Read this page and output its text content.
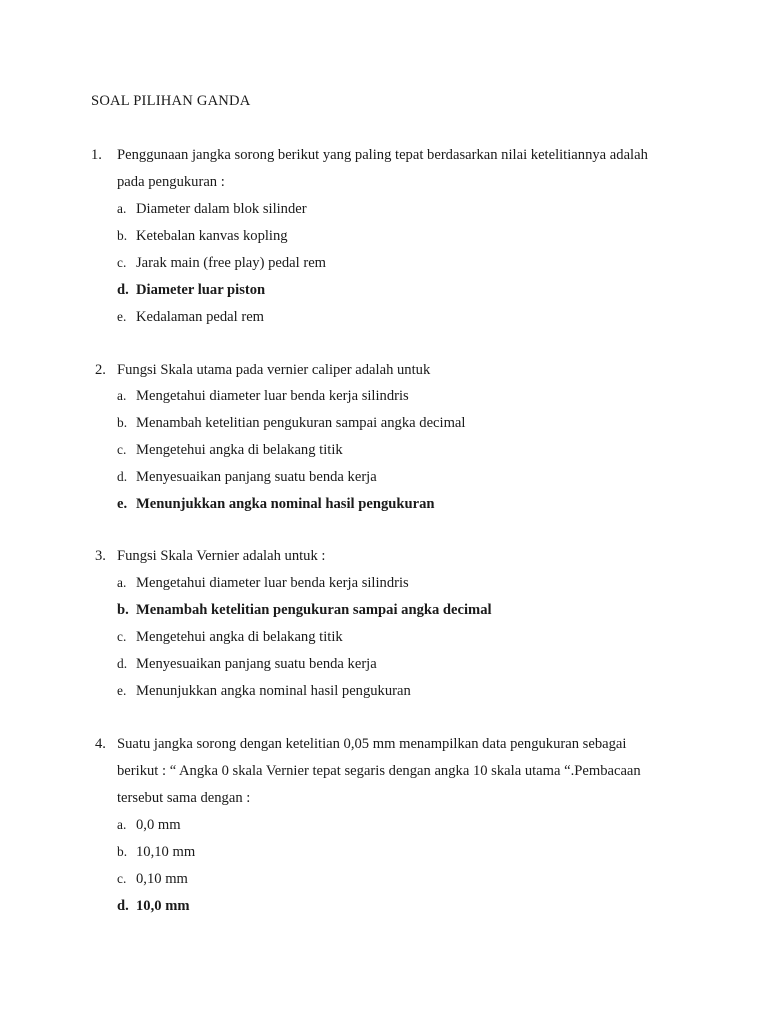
SOAL PILIHAN GANDA
1. Penggunaan jangka sorong berikut yang paling tepat berdasarkan nilai ketelitiannya adalah
pada pengukuran :
a. Diameter dalam blok silinder
b. Ketebalan kanvas kopling
c. Jarak main (free play) pedal rem
d. Diameter luar piston
e. Kedalaman pedal rem
2. Fungsi Skala utama pada vernier caliper adalah untuk
a. Mengetahui diameter luar benda kerja silindris
b. Menambah ketelitian pengukuran sampai angka decimal
c. Mengetehui angka di belakang titik
d. Menyesuaikan panjang suatu benda kerja
e. Menunjukkan angka nominal hasil pengukuran
3. Fungsi Skala Vernier adalah untuk :
a. Mengetahui diameter luar benda kerja silindris
b. Menambah ketelitian pengukuran sampai angka decimal
c. Mengetehui angka di belakang titik
d. Menyesuaikan panjang suatu benda kerja
e. Menunjukkan angka nominal hasil pengukuran
4. Suatu jangka sorong dengan ketelitian 0,05 mm menampilkan data pengukuran sebagai
berikut : “ Angka 0 skala Vernier tepat segaris dengan angka 10 skala utama “.Pembacaan
tersebut sama dengan :
a. 0,0 mm
b. 10,10 mm
c. 0,10 mm
d. 10,0 mm
